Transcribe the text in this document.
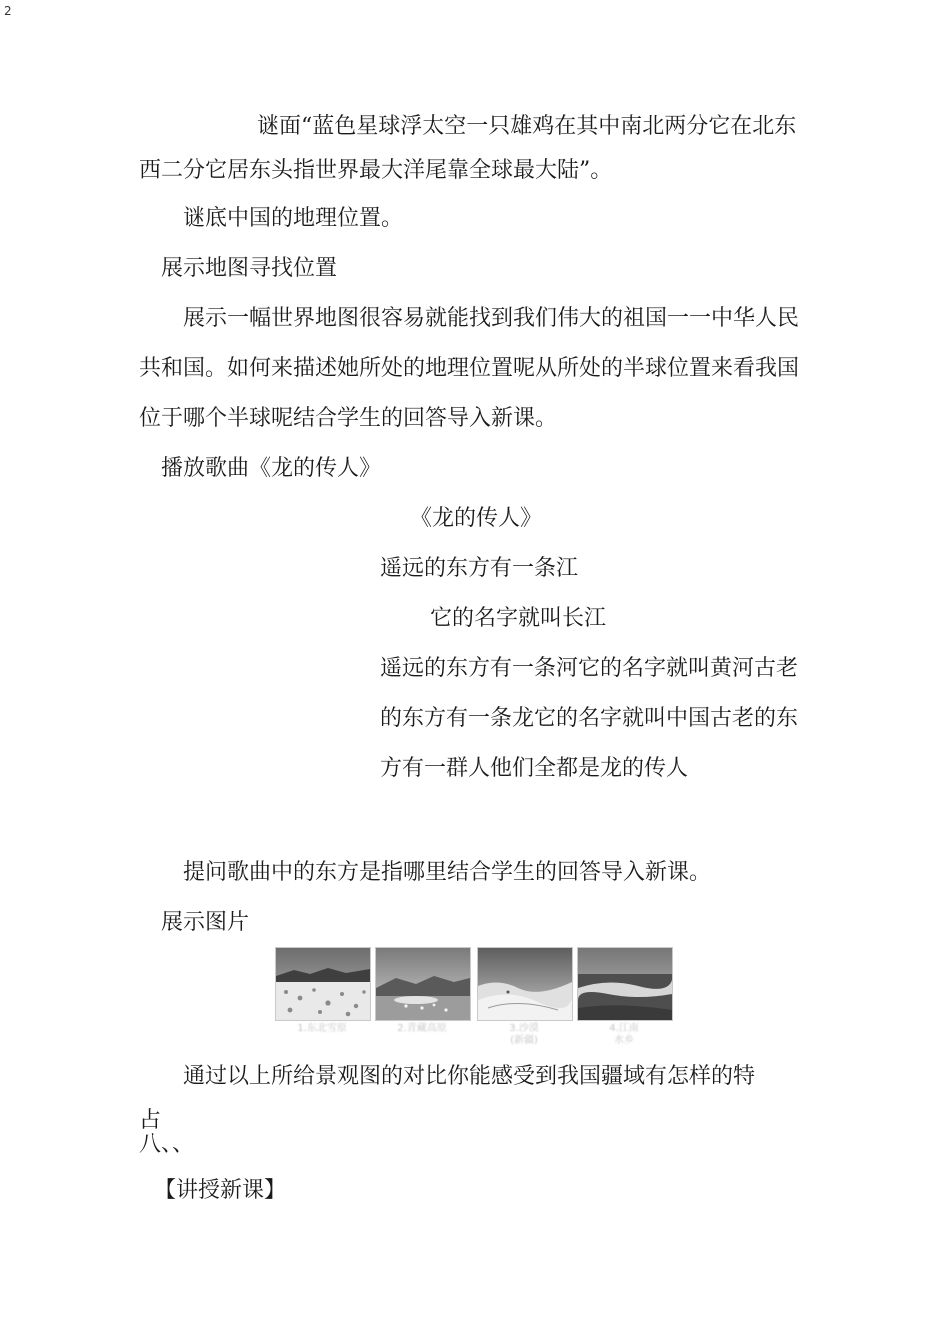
2

谜面“蓝色星球浮太空一只雄鸡在其中南北两分它在北东

西二分它居东头指世界最大洋尾靠全球最大陆”。

谜底中国的地理位置。

展示地图寻找位置

展示一幅世界地图很容易就能找到我们伟大的祖国一一中华人民

共和国。如何来描述她所处的地理位置呢从所处的半球位置来看我国

位于哪个半球呢结合学生的回答导入新课。

播放歌曲《龙的传人》

《龙的传人》

遥远的东方有一条江

它的名字就叫长江

遥远的东方有一条河它的名字就叫黄河古老

的东方有一条龙它的名字就叫中国古老的东

方有一群人他们全都是龙的传人

提问歌曲中的东方是指哪里结合学生的回答导入新课。

展示图片

1.东北雪原	2.青藏高原	3.沙漠
(新疆)
4.江南
水乡

通过以上所给景观图的对比你能感受到我国疆域有怎样的特

占

八、、

【讲授新课】
